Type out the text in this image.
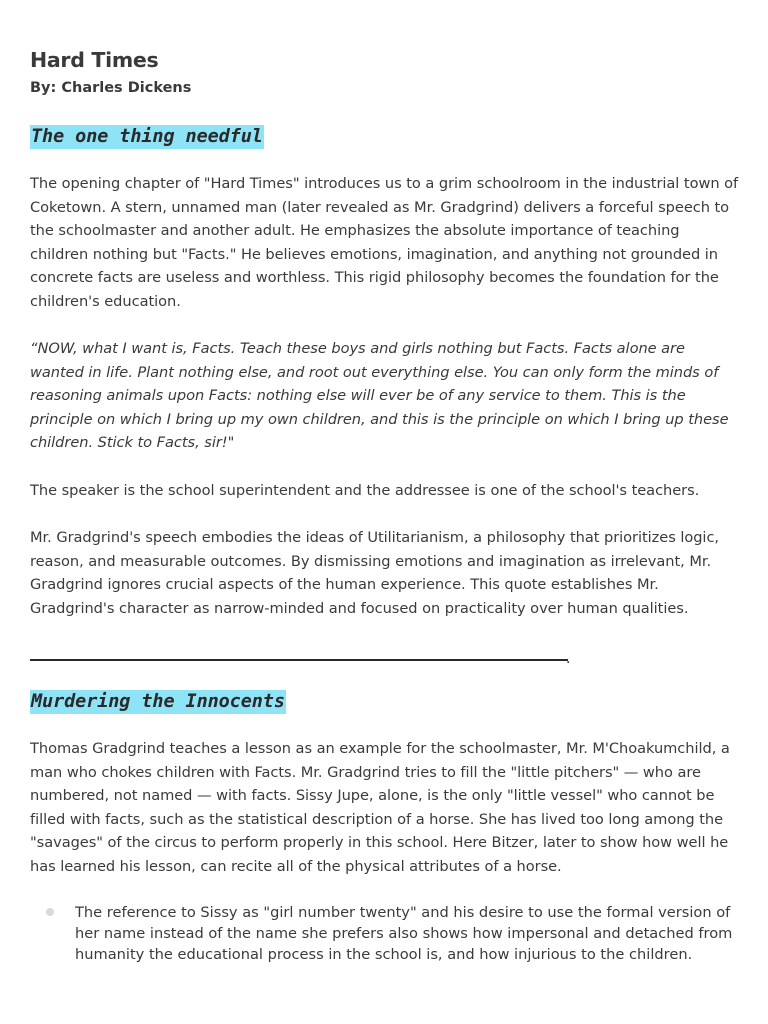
Hard Times

By: Charles Dickens

The one thing needful

The opening chapter of "Hard Times" introduces us to a grim schoolroom in the industrial town of Coketown. A stern, unnamed man (later revealed as Mr. Gradgrind) delivers a forceful speech to the schoolmaster and another adult. He emphasizes the absolute importance of teaching children nothing but "Facts." He believes emotions, imagination, and anything not grounded in concrete facts are useless and worthless. This rigid philosophy becomes the foundation for the children's education.

“NOW, what I want is, Facts. Teach these boys and girls nothing but Facts. Facts alone are wanted in life. Plant nothing else, and root out everything else. You can only form the minds of reasoning animals upon Facts: nothing else will ever be of any service to them. This is the principle on which I bring up my own children, and this is the principle on which I bring up these children. Stick to Facts, sir!"

The speaker is the school superintendent and the addressee is one of the school's teachers.

Mr. Gradgrind's speech embodies the ideas of Utilitarianism, a philosophy that prioritizes logic, reason, and measurable outcomes. By dismissing emotions and imagination as irrelevant, Mr. Gradgrind ignores crucial aspects of the human experience. This quote establishes Mr. Gradgrind's character as narrow-minded and focused on practicality over human qualities.

.
Murdering the Innocents

Thomas Gradgrind teaches a lesson as an example for the schoolmaster, Mr. M'Choakumchild, a man who chokes children with Facts. Mr. Gradgrind tries to fill the "little pitchers" — who are numbered, not named — with facts. Sissy Jupe, alone, is the only "little vessel" who cannot be filled with facts, such as the statistical description of a horse. She has lived too long among the "savages" of the circus to perform properly in this school. Here Bitzer, later to show how well he has learned his lesson, can recite all of the physical attributes of a horse.

The reference to Sissy as "girl number twenty" and his desire to use the formal version of her name instead of the name she prefers also shows how impersonal and detached from humanity the educational process in the school is, and how injurious to the children.
